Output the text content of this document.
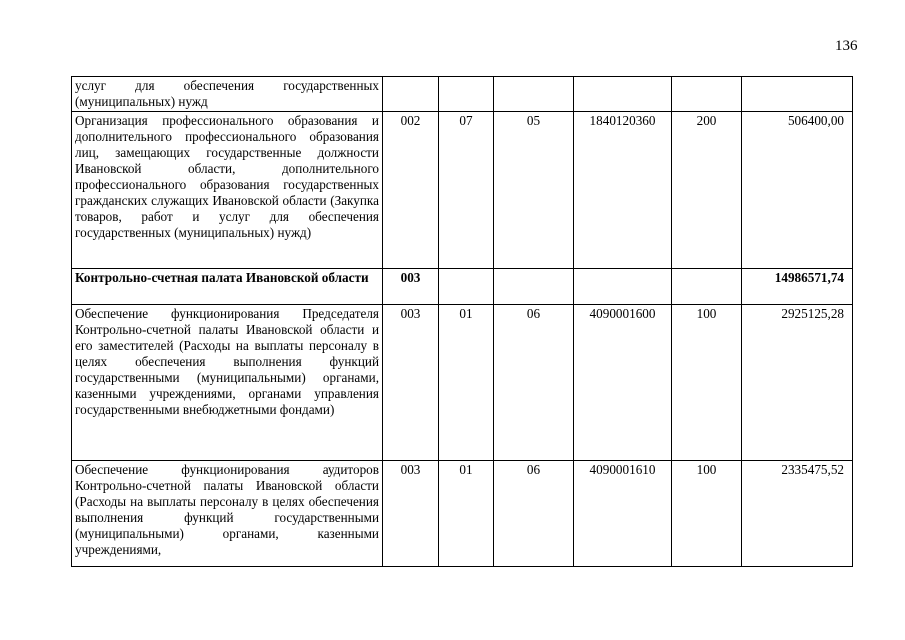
136
услуг для обеспечения государственных (муниципальных) нужд						
Организация профессионального образования и дополнительного профессионального образования лиц, замещающих государственные должности Ивановской области, дополнительного профессионального образования государственных гражданских служащих Ивановской области (Закупка товаров, работ и услуг для обеспечения государственных (муниципальных) нужд)	002	07	05	1840120360	200	506400,00
Контрольно-счетная палата Ивановской области	003					14986571,74
Обеспечение функционирования Председателя Контрольно-счетной палаты Ивановской области и его заместителей (Расходы на выплаты персоналу в целях обеспечения выполнения функций государственными (муниципальными) органами, казенными учреждениями, органами управления государственными внебюджетными фондами)	003	01	06	4090001600	100	2925125,28
Обеспечение функционирования аудиторов Контрольно-счетной палаты Ивановской области (Расходы на выплаты персоналу в целях обеспечения выполнения функций государственными (муниципальными) органами, казенными учреждениями,	003	01	06	4090001610	100	2335475,52
